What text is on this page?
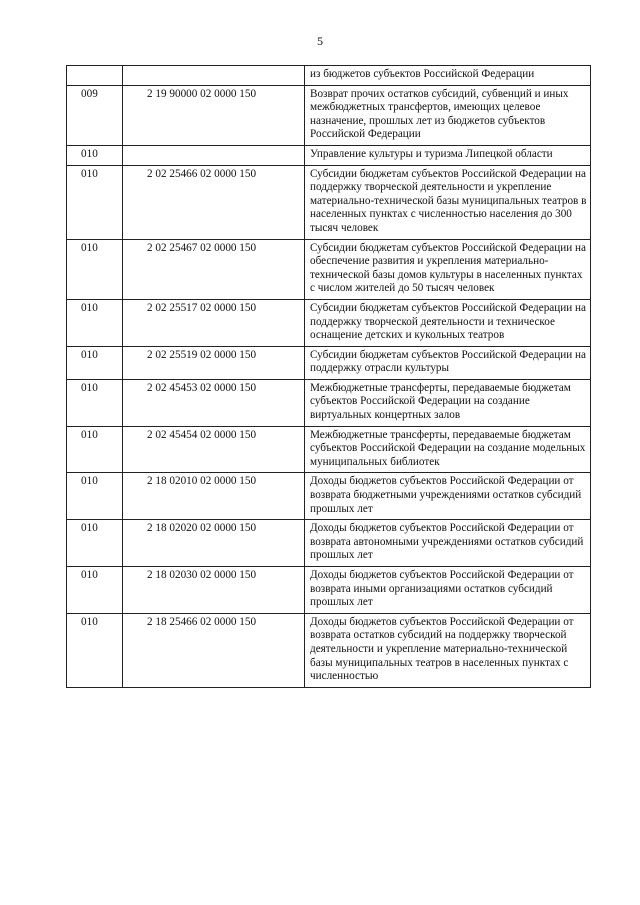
5
		из бюджетов субъектов Российской Федерации
009	2 19 90000 02 0000 150	Возврат прочих остатков субсидий, субвенций и иных межбюджетных трансфертов, имеющих целевое назначение, прошлых лет из бюджетов субъектов Российской Федерации
010		Управление культуры и туризма Липецкой области
010	2 02 25466 02 0000 150	Субсидии бюджетам субъектов Российской Федерации на поддержку творческой деятельности и укрепление материально-технической базы муниципальных театров в населенных пунктах с численностью населения до 300 тысяч человек
010	2 02 25467 02 0000 150	Субсидии бюджетам субъектов Российской Федерации на обеспечение развития и укрепления материально-технической базы домов культуры в населенных пунктах с числом жителей до 50 тысяч человек
010	2 02 25517 02 0000 150	Субсидии бюджетам субъектов Российской Федерации на поддержку творческой деятельности и техническое оснащение детских и кукольных театров
010	2 02 25519 02 0000 150	Субсидии бюджетам субъектов Российской Федерации на поддержку отрасли культуры
010	2 02 45453 02 0000 150	Межбюджетные трансферты, передаваемые бюджетам субъектов Российской Федерации на создание виртуальных концертных залов
010	2 02 45454 02 0000 150	Межбюджетные трансферты, передаваемые бюджетам субъектов Российской Федерации на создание модельных муниципальных библиотек
010	2 18 02010 02 0000 150	Доходы бюджетов субъектов Российской Федерации от возврата бюджетными учреждениями остатков субсидий прошлых лет
010	2 18 02020 02 0000 150	Доходы бюджетов субъектов Российской Федерации от возврата автономными учреждениями остатков субсидий прошлых лет
010	2 18 02030 02 0000 150	Доходы бюджетов субъектов Российской Федерации от возврата иными организациями остатков субсидий прошлых лет
010	2 18 25466 02 0000 150	Доходы бюджетов субъектов Российской Федерации от возврата остатков субсидий на поддержку творческой деятельности и укрепление материально-технической базы муниципальных театров в населенных пунктах с численностью
